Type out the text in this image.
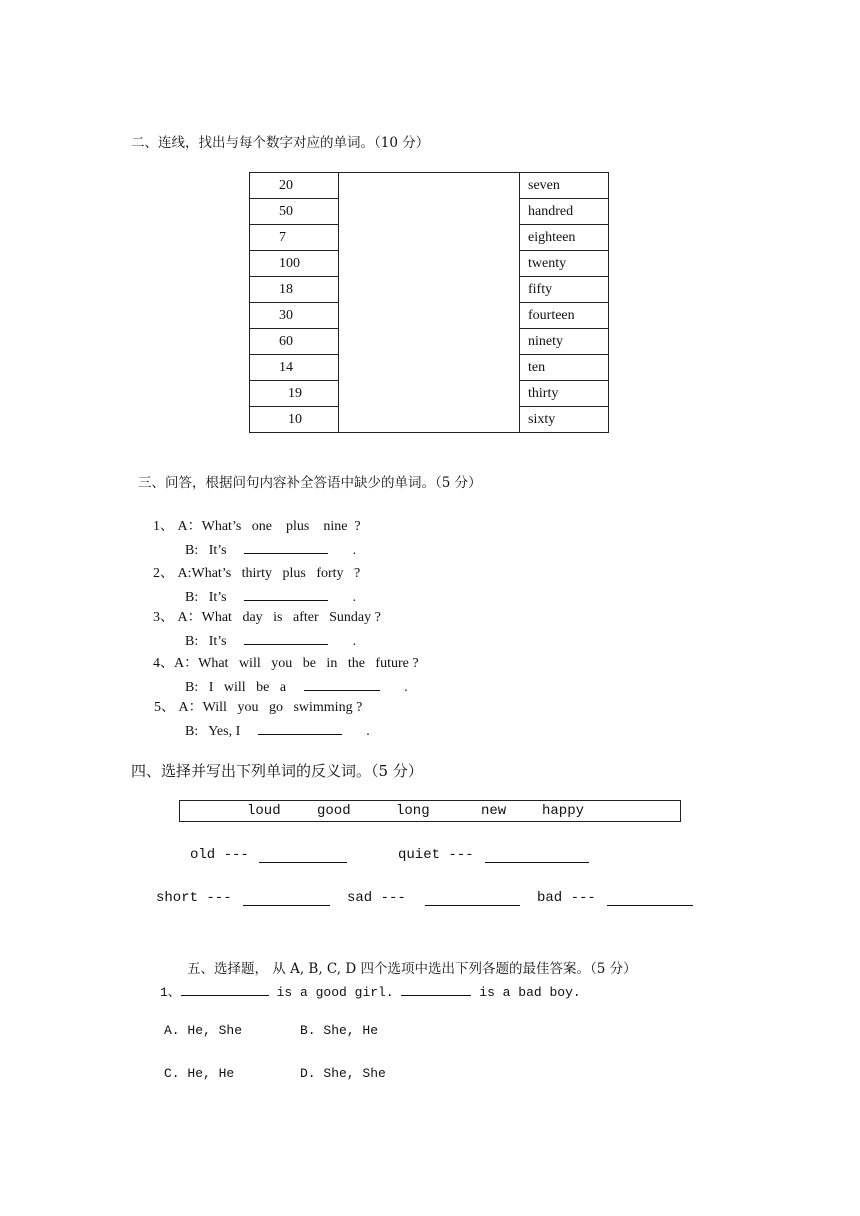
二、连线，找出与每个数字对应的单词。（10 分）
20		seven
50		handred
7		eighteen
100		twenty
18		fifty
30		fourteen
60		ninety
14		ten
19		thirty
10		sixty
三、问答，根据问句内容补全答语中缺少的单词。（5 分）
1、 A：What’s   one    plus    nine  ?
B: It’s	.
2、 A:What’s   thirty   plus   forty   ?
B: It’s	.
3、 A：What   day   is   after   Sunday ?
B: It’s	.
4、A：What   will   you   be   in   the   future ?
B: I   will   be   a	.
5、 A：Will   you   go   swimming ?
B: Yes, I	.
四、选择并写出下列单词的反义词。（5 分）
loud	good	long	new	happy
old ---	quiet ---
short ---	sad ---	bad ---
五、选择题， 从 A, B, C, D 四个选项中选出下列各题的最佳答案。（5 分）
1、	is a good girl.	is a bad boy.
A. He, She	B. She, He
C. He, He	D. She, She
